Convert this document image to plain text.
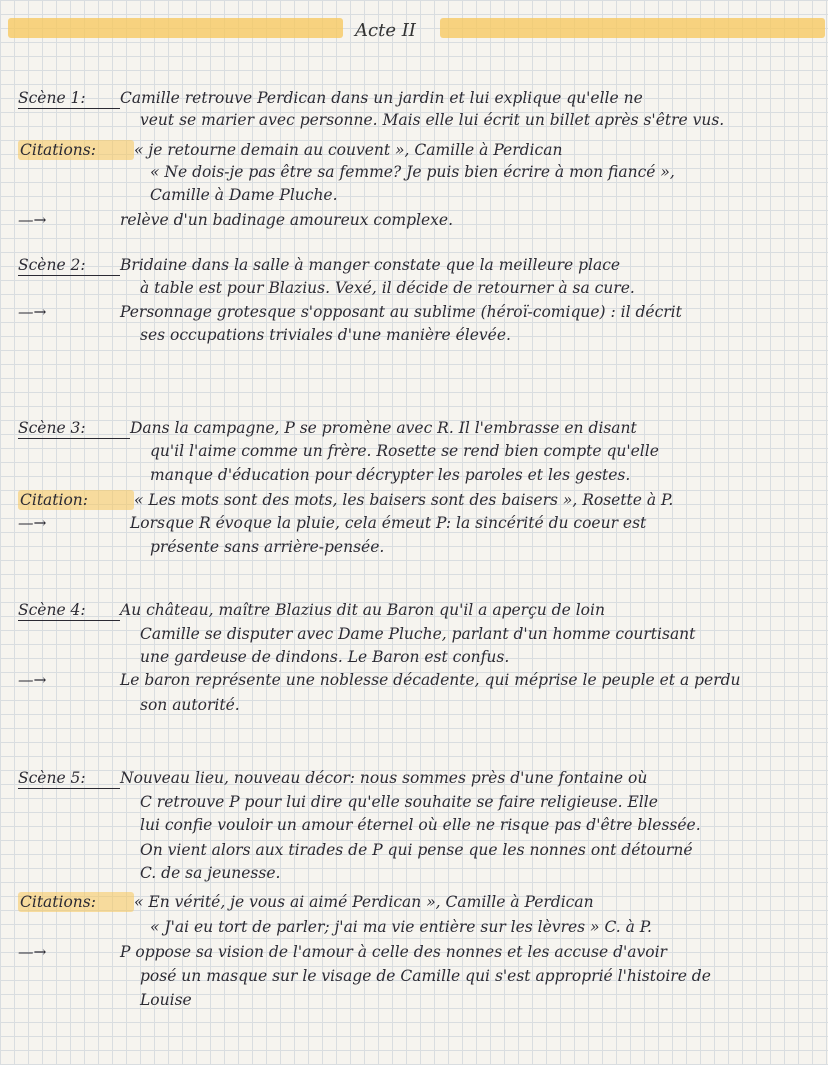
Acte II
Scène 1: Camille retrouve Perdican dans un jardin et lui explique qu'elle ne
veut se marier avec personne. Mais elle lui écrit un billet après s'être vus.
Citations: « je retourne demain au couvent », Camille à Perdican
« Ne dois-je pas être sa femme? Je puis bien écrire à mon fiancé »,
Camille à Dame Pluche.
—→	relève d'un badinage amoureux complexe.
Scène 2: Bridaine dans la salle à manger constate que la meilleure place
à table est pour Blazius. Vexé, il décide de retourner à sa cure.
—→	Personnage grotesque s'opposant au sublime (héroï-comique) : il décrit
ses occupations triviales d'une manière élevée.
Scène 3:	Dans la campagne, P se promène avec R. Il l'embrasse en disant
qu'il l'aime comme un frère. Rosette se rend bien compte qu'elle
manque d'éducation pour décrypter les paroles et les gestes.
Citation:	« Les mots sont des mots, les baisers sont des baisers », Rosette à P.
—→	Lorsque R évoque la pluie, cela émeut P: la sincérité du coeur est
présente sans arrière-pensée.
Scène 4: Au château, maître Blazius dit au Baron qu'il a aperçu de loin
Camille se disputer avec Dame Pluche, parlant d'un homme courtisant
une gardeuse de dindons. Le Baron est confus.
—→	Le baron représente une noblesse décadente, qui méprise le peuple et a perdu
son autorité.
Scène 5: Nouveau lieu, nouveau décor: nous sommes près d'une fontaine où
C retrouve P pour lui dire qu'elle souhaite se faire religieuse. Elle
lui confie vouloir un amour éternel où elle ne risque pas d'être blessée.
On vient alors aux tirades de P qui pense que les nonnes ont détourné
C. de sa jeunesse.
Citations: « En vérité, je vous ai aimé Perdican », Camille à Perdican
« J'ai eu tort de parler; j'ai ma vie entière sur les lèvres » C. à P.
—→	P oppose sa vision de l'amour à celle des nonnes et les accuse d'avoir
posé un masque sur le visage de Camille qui s'est approprié l'histoire de
Louise
